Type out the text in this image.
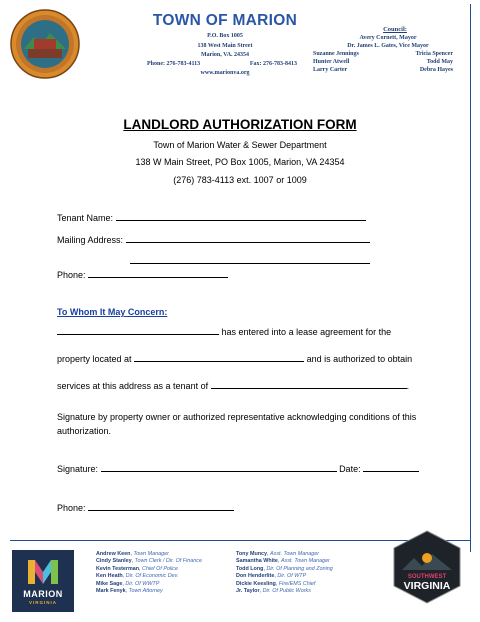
TOWN OF MARION
P.O. Box 1005
138 West Main Street
Marion, VA. 24354
Phone: 276-783-4113	Fax: 276-783-8413
www.marionva.org
Council:
Avery Cornett, Mayor
Dr. James L. Gates, Vice Mayor
Suzanne Jennings	Tricia Spencer
Hunter Atwell	Todd May
Larry Carter	Debra Hayes
LANDLORD AUTHORIZATION FORM
Town of Marion Water & Sewer Department
138 W Main Street, PO Box 1005, Marion, VA 24354
(276) 783-4113 ext. 1007 or 1009
Tenant Name:
Mailing Address:
Phone:
To Whom It May Concern:
has entered into a lease agreement for the
property located at	and is authorized to obtain
services at this address as a tenant of	.
Signature by property owner or authorized representative acknowledging conditions of this authorization.
Signature:	Date:
Phone:
MARION
VIRGINIA
Andrew Keen, Town Manager
Cindy Stanley, Town Clerk / Dir. Of Finance
Kevin Testerman, Chief Of Police
Ken Heath, Dir. Of Economic Dev.
Mike Sage, Dir. Of WWTP
Mark Fenyk, Town Attorney
Tony Muncy, Asst. Town Manager
Samantha White, Asst. Town Manager
Todd Long, Dir. Of Planning and Zoning
Don Henderlite, Dir. Of WTP
Dickie Keesling, Fire/EMS Chief
Jr. Taylor, Dir. Of Public Works
SOUTHWEST
VIRGINIA
